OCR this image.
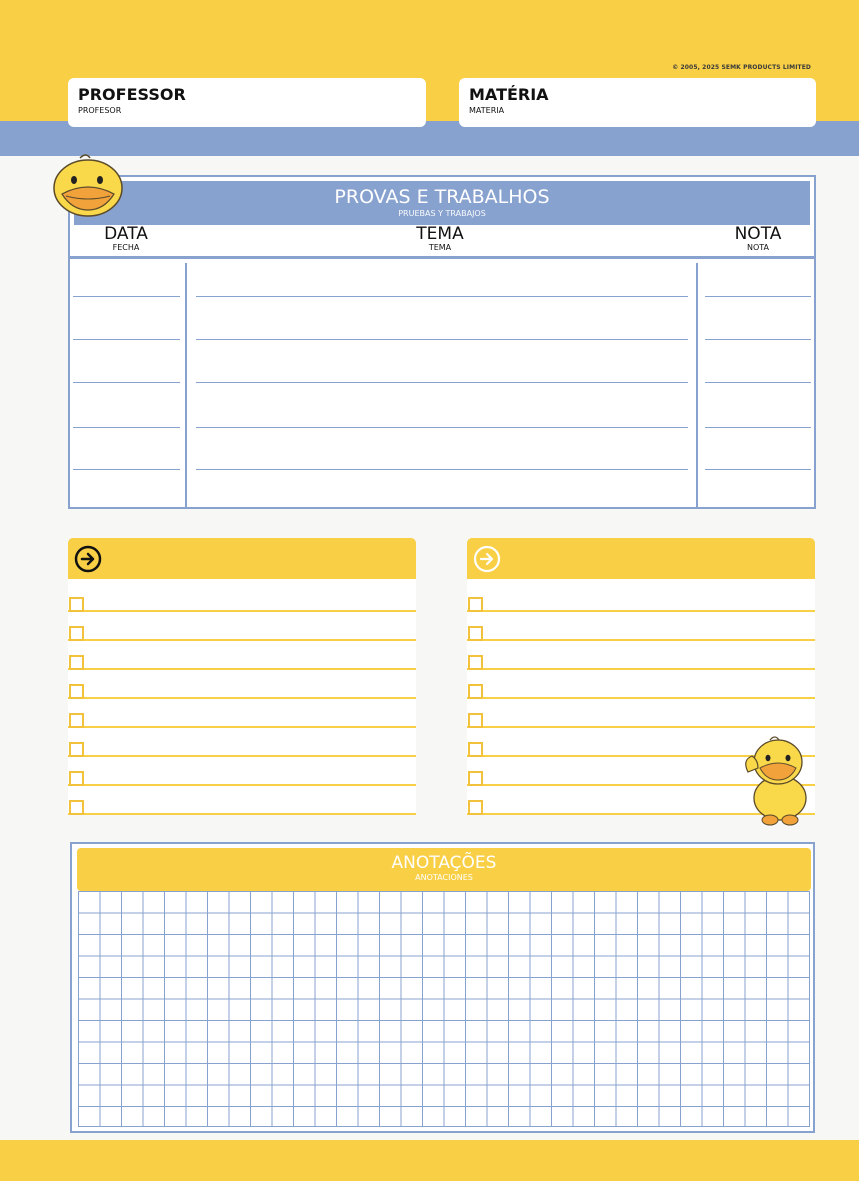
© 2005, 2025 SEMK PRODUCTS LIMITED
PROFESSOR
PROFESOR
MATÉRIA
MATERIA
PROVAS E TRABALHOS
PRUEBAS Y TRABAJOS
DATA
FECHA
TEMA
TEMA
NOTA
NOTA
ANOTAÇÕES
ANOTACIONES
